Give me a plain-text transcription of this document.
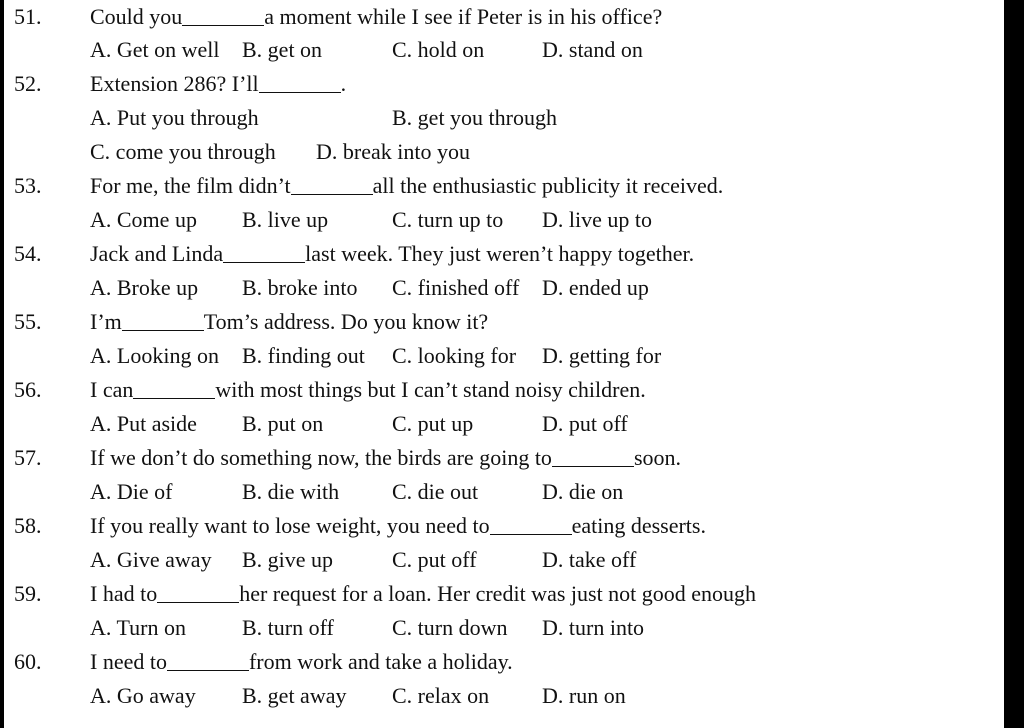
51. Could you	a moment while I see if Peter is in his office?
A. Get on well B. get on	C. hold on	D. stand on
52. Extension 286? I’ll	.
A. Put you through	B. get you through
C. come you through D. break into you
53. For me, the film didn’t	all the enthusiastic publicity it received.
A. Come up B. live up	C. turn up to D. live up to
54. Jack and Linda	last week. They just weren’t happy together.
A. Broke up B. broke into C. finished off D. ended up
55. I’m	Tom’s address. Do you know it?
A. Looking on B. finding out C. looking for D. getting for
56. I can	with most things but I can’t stand noisy children.
A. Put aside B. put on	C. put up	D. put off
57. If we don’t do something now, the birds are going to	soon.
A. Die of	B. die with C. die out	D. die on
58. If you really want to lose weight, you need to	eating desserts.
A. Give away B. give up	C. put off	D. take off
59. I had to	her request for a loan. Her credit was just not good enough
A. Turn on	B. turn off	C. turn down D. turn into
60. I need to	from work and take a holiday.
A. Go away B. get away C. relax on D. run on
